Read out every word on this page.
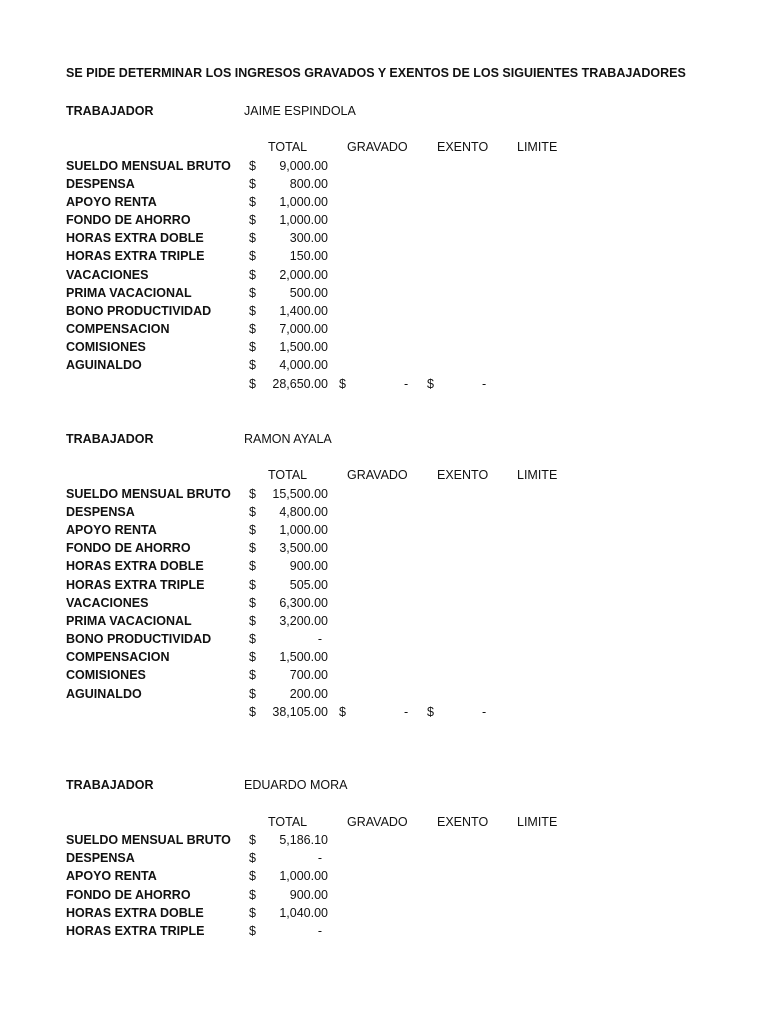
SE PIDE DETERMINAR LOS INGRESOS GRAVADOS Y EXENTOS DE LOS SIGUIENTES TRABAJADORES
TRABAJADOR	JAIME ESPINDOLA
TOTAL	GRAVADO EXENTO LIMITE
SUELDO MENSUAL BRUTO $	9,000.00
DESPENSA	$	800.00
APOYO RENTA	$	1,000.00
FONDO DE AHORRO	$	1,000.00
HORAS EXTRA DOBLE	$	300.00
HORAS EXTRA TRIPLE	$	150.00
VACACIONES	$	2,000.00
PRIMA VACACIONAL	$	500.00
BONO PRODUCTIVIDAD	$	1,400.00
COMPENSACION	$	7,000.00
COMISIONES	$	1,500.00
AGUINALDO	$	4,000.00
$	28,650.00 $	- $	-
TRABAJADOR	RAMON AYALA
TOTAL	GRAVADO EXENTO LIMITE
SUELDO MENSUAL BRUTO $	15,500.00
DESPENSA	$	4,800.00
APOYO RENTA	$	1,000.00
FONDO DE AHORRO	$	3,500.00
HORAS EXTRA DOBLE	$	900.00
HORAS EXTRA TRIPLE	$	505.00
VACACIONES	$	6,300.00
PRIMA VACACIONAL	$	3,200.00
BONO PRODUCTIVIDAD	$	-
COMPENSACION	$	1,500.00
COMISIONES	$	700.00
AGUINALDO	$	200.00
$	38,105.00 $	- $	-
TRABAJADOR	EDUARDO MORA
TOTAL	GRAVADO EXENTO LIMITE
SUELDO MENSUAL BRUTO $	5,186.10
DESPENSA	$	-
APOYO RENTA	$	1,000.00
FONDO DE AHORRO	$	900.00
HORAS EXTRA DOBLE	$	1,040.00
HORAS EXTRA TRIPLE	$	-
